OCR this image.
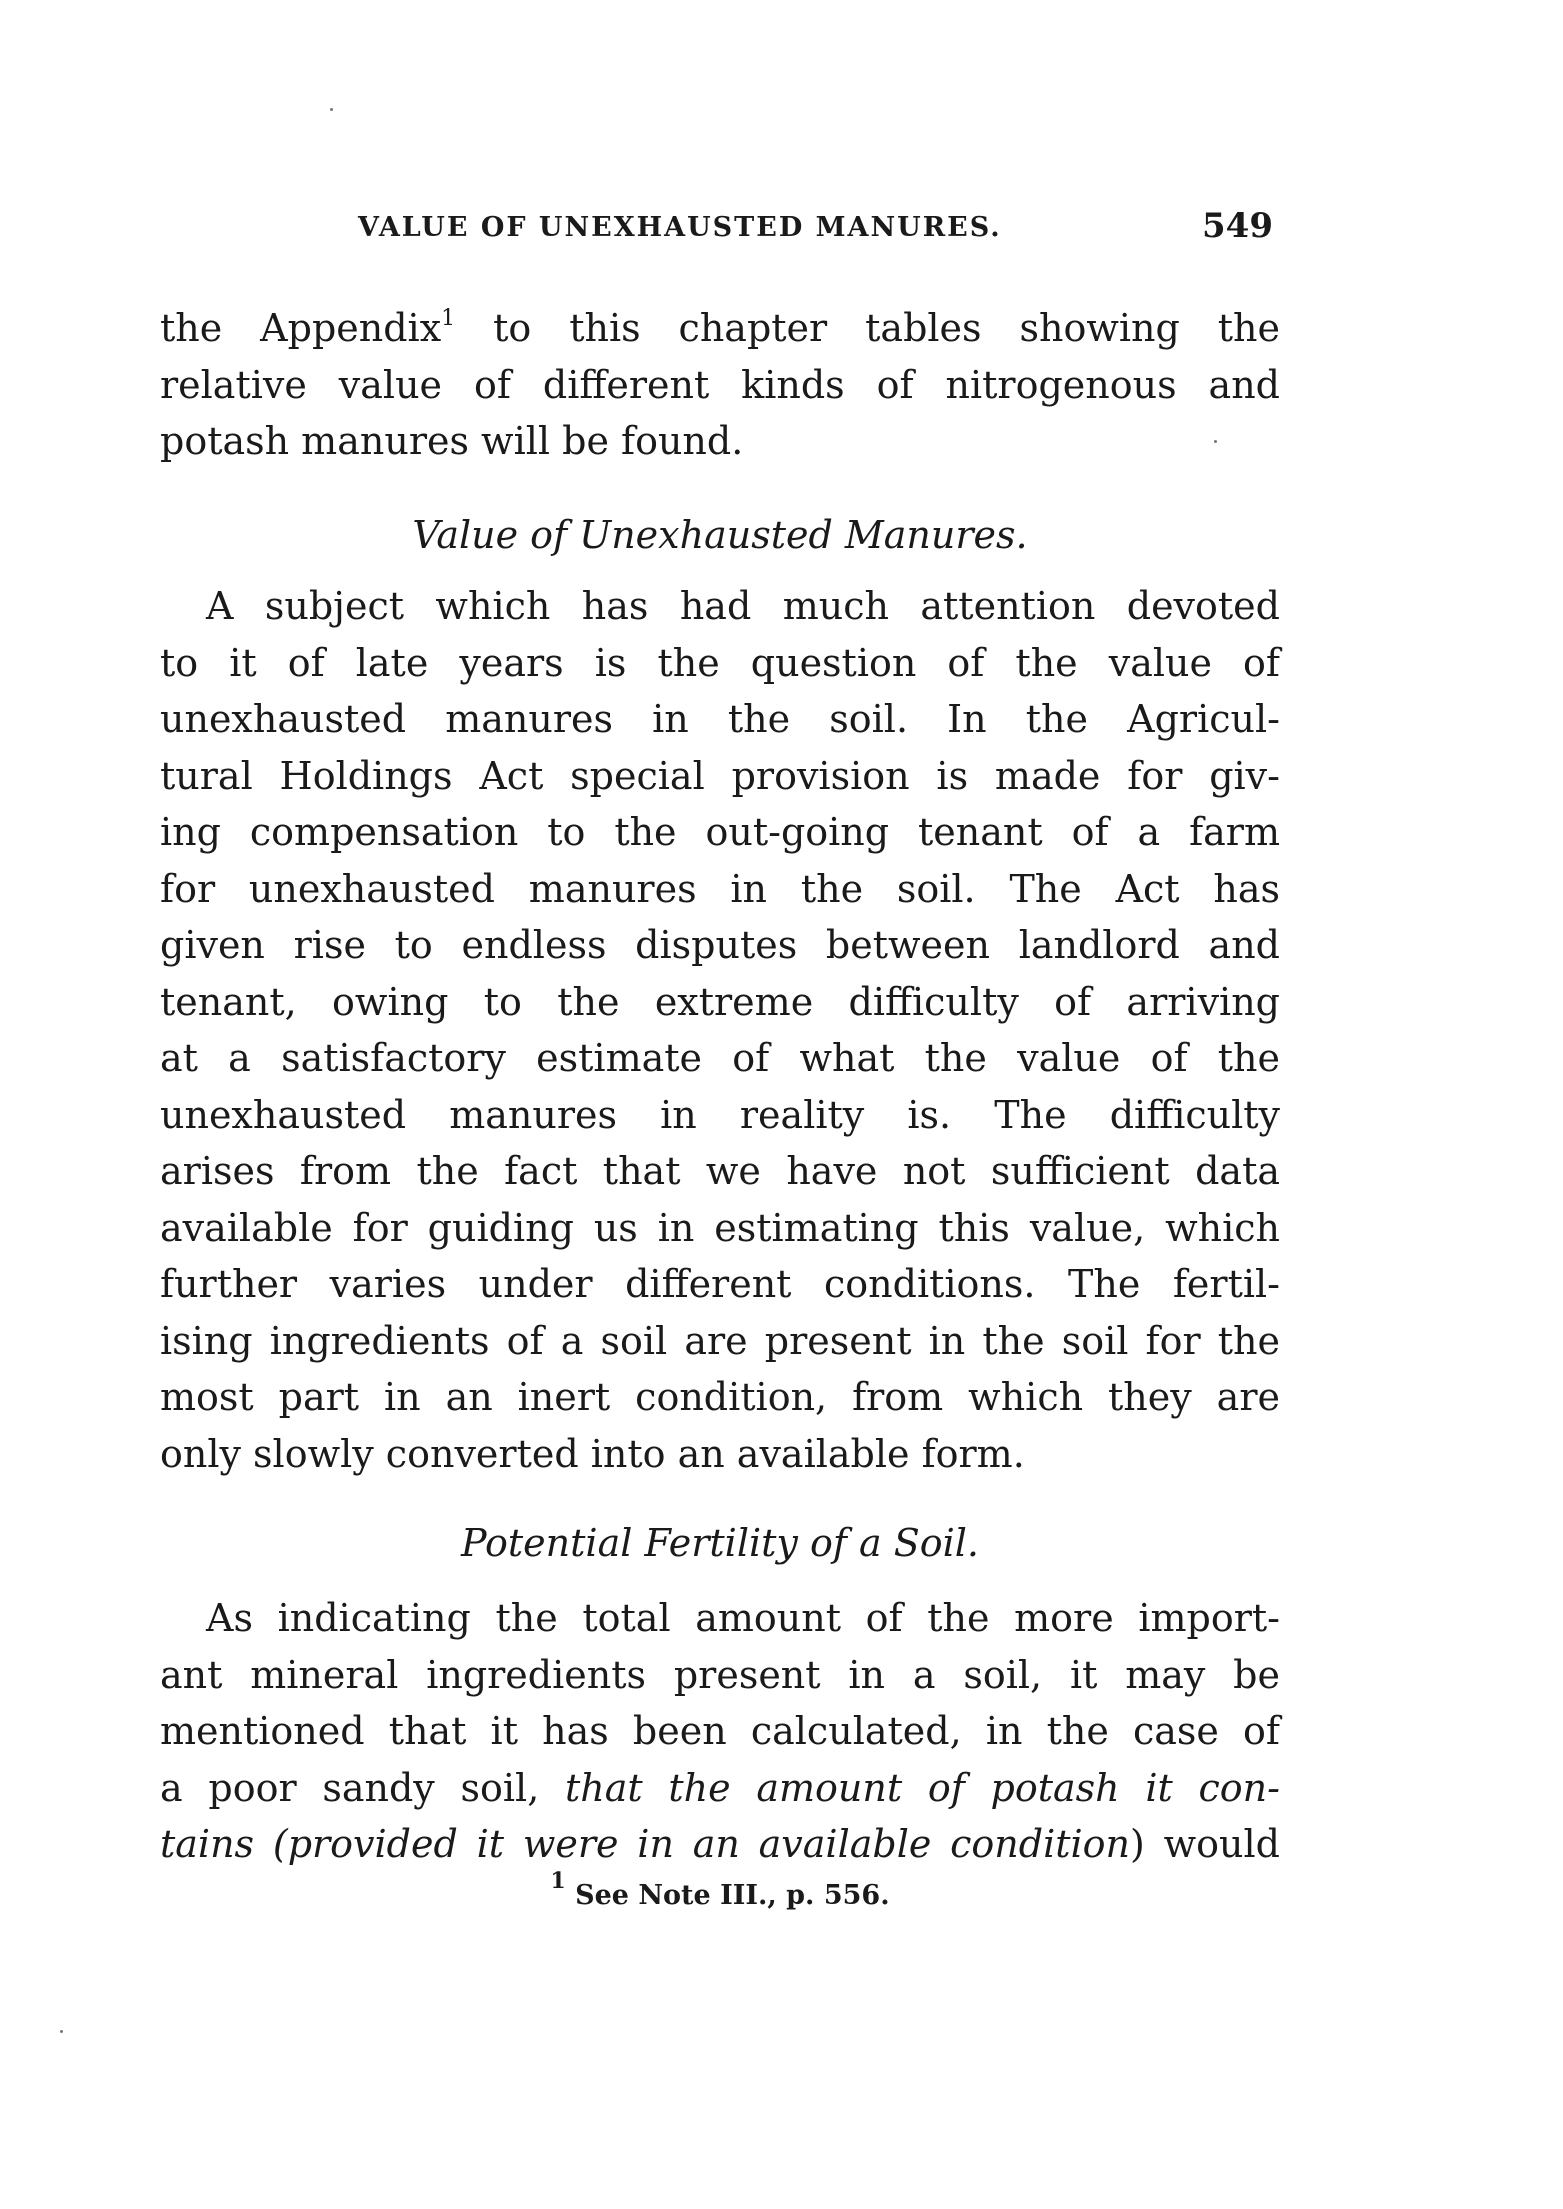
VALUE OF UNEXHAUSTED MANURES.	549
the Appendix$^1$ to this chapter tables showing the
relative value of different kinds of nitrogenous and
potash manures will be found.
Value of Unexhausted Manures.
A subject which has had much attention devoted
to it of late years is the question of the value of
unexhausted manures in the soil. In the Agricul-
tural Holdings Act special provision is made for giv-
ing compensation to the out-going tenant of a farm
for unexhausted manures in the soil. The Act has
given rise to endless disputes between landlord and
tenant, owing to the extreme difficulty of arriving
at a satisfactory estimate of what the value of the
unexhausted manures in reality is. The difficulty
arises from the fact that we have not sufficient data
available for guiding us in estimating this value, which
further varies under different conditions. The fertil-
ising ingredients of a soil are present in the soil for the
most part in an inert condition, from which they are
only slowly converted into an available form.
Potential Fertility of a Soil.
As indicating the total amount of the more import-
ant mineral ingredients present in a soil, it may be
mentioned that it has been calculated, in the case of
a poor sandy soil, that the amount of potash it con-
tains (provided it were in an available condition) would
$^1$ See Note III., p. 556.
